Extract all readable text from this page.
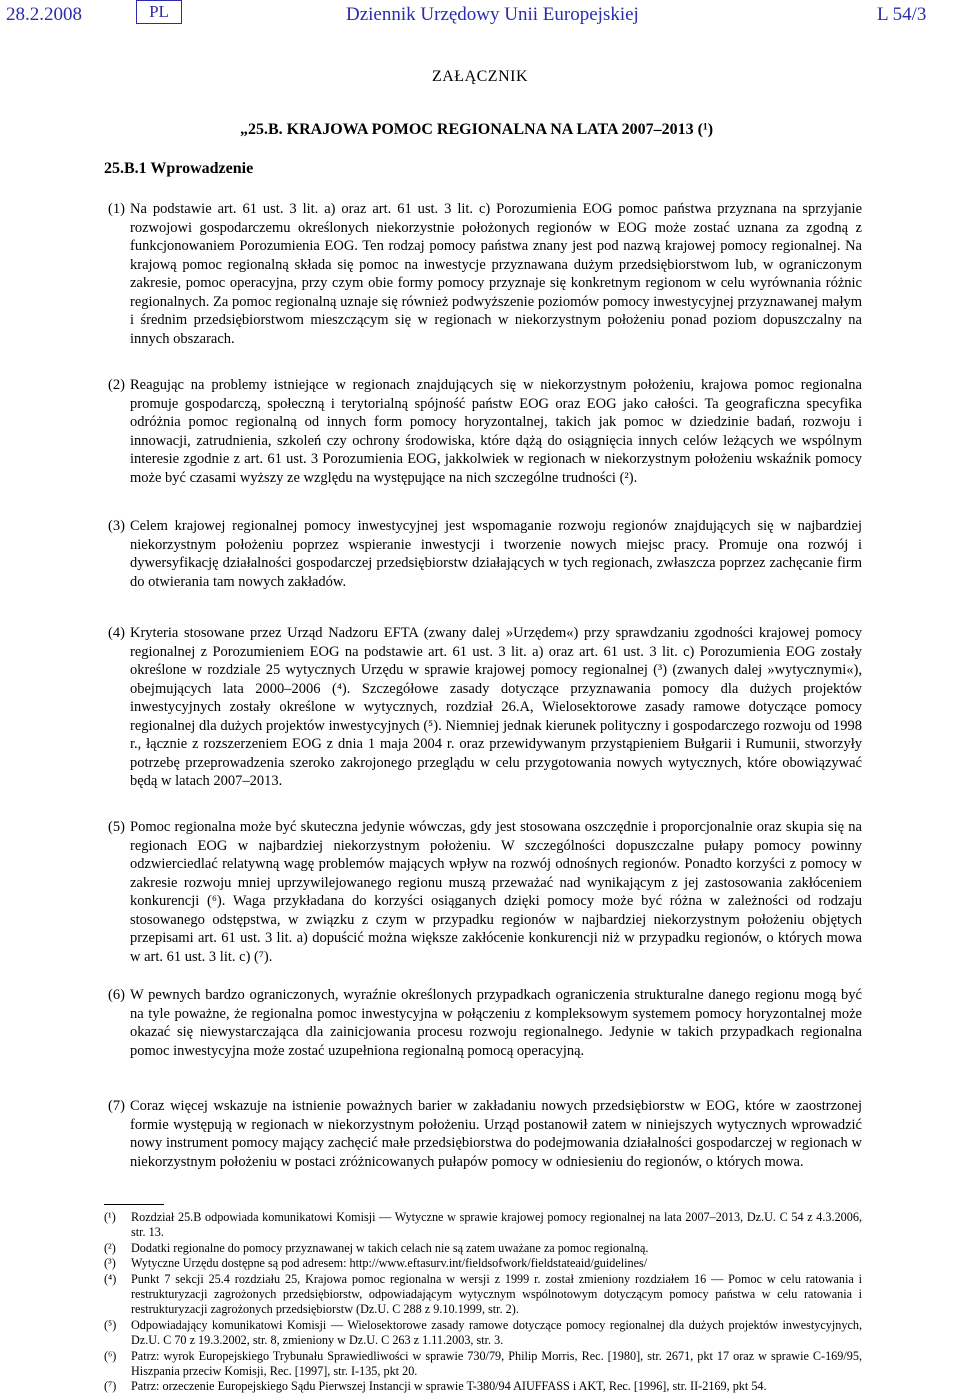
28.2.2008	PL	Dziennik Urzędowy Unii Europejskiej	L 54/3
ZAŁĄCZNIK
„25.B. KRAJOWA POMOC REGIONALNA NA LATA 2007–2013 (¹)
25.B.1 Wprowadzenie
(1) Na podstawie art. 61 ust. 3 lit. a) oraz art. 61 ust. 3 lit. c) Porozumienia EOG pomoc państwa przyznana na sprzyjanie rozwojowi gospodarczemu określonych niekorzystnie położonych regionów w EOG może zostać uznana za zgodną z funkcjonowaniem Porozumienia EOG. Ten rodzaj pomocy państwa znany jest pod nazwą krajowej pomocy regionalnej. Na krajową pomoc regionalną składa się pomoc na inwestycje przyznawana dużym przedsiębiorstwom lub, w ograniczonym zakresie, pomoc operacyjna, przy czym obie formy pomocy przyznaje się konkretnym regionom w celu wyrównania różnic regionalnych. Za pomoc regionalną uznaje się również podwyższenie poziomów pomocy inwestycyjnej przyznawanej małym i średnim przedsiębiorstwom mieszczącym się w regionach w niekorzystnym położeniu ponad poziom dopuszczalny na innych obszarach.
(2) Reagując na problemy istniejące w regionach znajdujących się w niekorzystnym położeniu, krajowa pomoc regionalna promuje gospodarczą, społeczną i terytorialną spójność państw EOG oraz EOG jako całości. Ta geograficzna specyfika odróżnia pomoc regionalną od innych form pomocy horyzontalnej, takich jak pomoc w dziedzinie badań, rozwoju i innowacji, zatrudnienia, szkoleń czy ochrony środowiska, które dążą do osiągnięcia innych celów leżących we wspólnym interesie zgodnie z art. 61 ust. 3 Porozumienia EOG, jakkolwiek w regionach w niekorzystnym położeniu wskaźnik pomocy może być czasami wyższy ze względu na występujące na nich szczególne trudności (²).
(3) Celem krajowej regionalnej pomocy inwestycyjnej jest wspomaganie rozwoju regionów znajdujących się w najbardziej niekorzystnym położeniu poprzez wspieranie inwestycji i tworzenie nowych miejsc pracy. Promuje ona rozwój i dywersyfikację działalności gospodarczej przedsiębiorstw działających w tych regionach, zwłaszcza poprzez zachęcanie firm do otwierania tam nowych zakładów.
(4) Kryteria stosowane przez Urząd Nadzoru EFTA (zwany dalej »Urzędem«) przy sprawdzaniu zgodności krajowej pomocy regionalnej z Porozumieniem EOG na podstawie art. 61 ust. 3 lit. a) oraz art. 61 ust. 3 lit. c) Porozumienia EOG zostały określone w rozdziale 25 wytycznych Urzędu w sprawie krajowej pomocy regionalnej (³) (zwanych dalej »wytycznymi«), obejmujących lata 2000–2006 (⁴). Szczegółowe zasady dotyczące przyznawania pomocy dla dużych projektów inwestycyjnych zostały określone w wytycznych, rozdział 26.A, Wielosektorowe zasady ramowe dotyczące pomocy regionalnej dla dużych projektów inwestycyjnych (⁵). Niemniej jednak kierunek polityczny i gospodarczego rozwoju od 1998 r., łącznie z rozszerzeniem EOG z dnia 1 maja 2004 r. oraz przewidywanym przystąpieniem Bułgarii i Rumunii, stworzyły potrzebę przeprowadzenia szeroko zakrojonego przeglądu w celu przygotowania nowych wytycznych, które obowiązywać będą w latach 2007–2013.
(5) Pomoc regionalna może być skuteczna jedynie wówczas, gdy jest stosowana oszczędnie i proporcjonalnie oraz skupia się na regionach EOG w najbardziej niekorzystnym położeniu. W szczególności dopuszczalne pułapy pomocy powinny odzwierciedlać relatywną wagę problemów mających wpływ na rozwój odnośnych regionów. Ponadto korzyści z pomocy w zakresie rozwoju mniej uprzywilejowanego regionu muszą przeważać nad wynikającym z jej zastosowania zakłóceniem konkurencji (⁶). Waga przykładana do korzyści osiąganych dzięki pomocy może być różna w zależności od rodzaju stosowanego odstępstwa, w związku z czym w przypadku regionów w najbardziej niekorzystnym położeniu objętych przepisami art. 61 ust. 3 lit. a) dopuścić można większe zakłócenie konkurencji niż w przypadku regionów, o których mowa w art. 61 ust. 3 lit. c) (⁷).
(6) W pewnych bardzo ograniczonych, wyraźnie określonych przypadkach ograniczenia strukturalne danego regionu mogą być na tyle poważne, że regionalna pomoc inwestycyjna w połączeniu z kompleksowym systemem pomocy horyzontalnej może okazać się niewystarczająca dla zainicjowania procesu rozwoju regionalnego. Jedynie w takich przypadkach regionalna pomoc inwestycyjna może zostać uzupełniona regionalną pomocą operacyjną.
(7) Coraz więcej wskazuje na istnienie poważnych barier w zakładaniu nowych przedsiębiorstw w EOG, które w zaostrzonej formie występują w regionach w niekorzystnym położeniu. Urząd postanowił zatem w niniejszych wytycznych wprowadzić nowy instrument pomocy mający zachęcić małe przedsiębiorstwa do podejmowania działalności gospodarczej w regionach w niekorzystnym położeniu w postaci zróżnicowanych pułapów pomocy w odniesieniu do regionów, o których mowa.
(¹) Rozdział 25.B odpowiada komunikatowi Komisji — Wytyczne w sprawie krajowej pomocy regionalnej na lata 2007–2013, Dz.U. C 54 z 4.3.2006, str. 13.
(²) Dodatki regionalne do pomocy przyznawanej w takich celach nie są zatem uważane za pomoc regionalną.
(³) Wytyczne Urzędu dostępne są pod adresem: http://www.eftasurv.int/fieldsofwork/fieldstateaid/guidelines/
(⁴) Punkt 7 sekcji 25.4 rozdziału 25, Krajowa pomoc regionalna w wersji z 1999 r. został zmieniony rozdziałem 16 — Pomoc w celu ratowania i restrukturyzacji zagrożonych przedsiębiorstw, odpowiadającym wytycznym wspólnotowym dotyczącym pomocy państwa w celu ratowania i restrukturyzacji zagrożonych przedsiębiorstw (Dz.U. C 288 z 9.10.1999, str. 2).
(⁵) Odpowiadający komunikatowi Komisji — Wielosektorowe zasady ramowe dotyczące pomocy regionalnej dla dużych projektów inwestycyjnych, Dz.U. C 70 z 19.3.2002, str. 8, zmieniony w Dz.U. C 263 z 1.11.2003, str. 3.
(⁶) Patrz: wyrok Europejskiego Trybunału Sprawiedliwości w sprawie 730/79, Philip Morris, Rec. [1980], str. 2671, pkt 17 oraz w sprawie C-169/95, Hiszpania przeciw Komisji, Rec. [1997], str. I-135, pkt 20.
(⁷) Patrz: orzeczenie Europejskiego Sądu Pierwszej Instancji w sprawie T-380/94 AIUFFASS i AKT, Rec. [1996], str. II-2169, pkt 54.
